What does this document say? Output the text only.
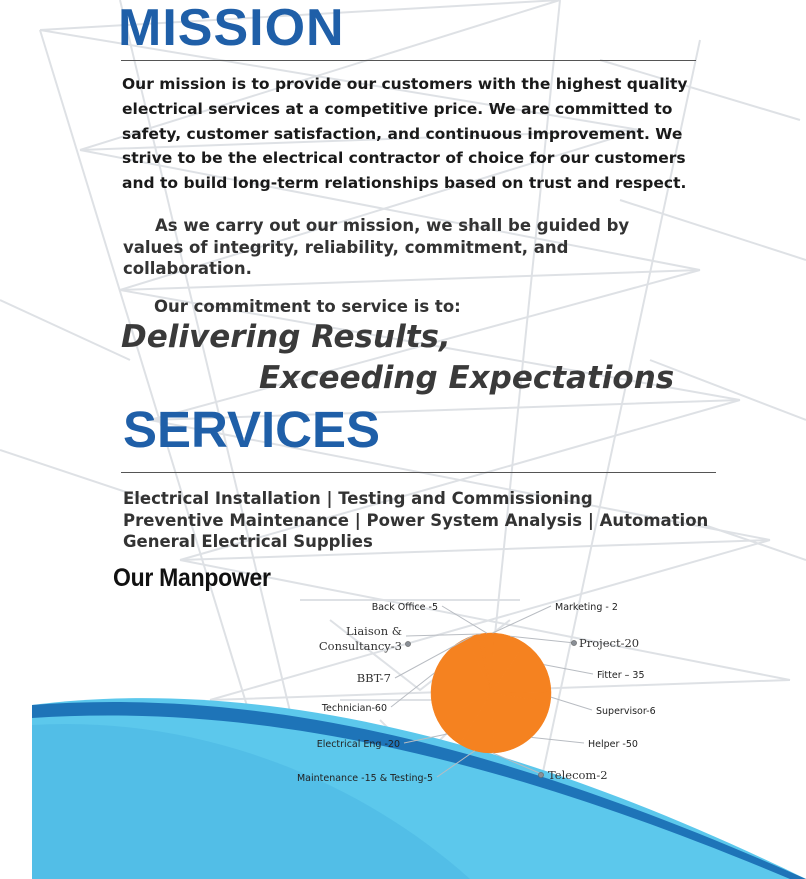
MISSION

Our mission is to provide our customers with the highest quality electrical services at a competitive price. We are committed to safety, customer satisfaction, and continuous improvement. We strive to be the electrical contractor of choice for our customers and to build long-term relationships based on trust and respect.

As we carry out our mission, we shall be guided by values of integrity, reliability, commitment, and collaboration.

Our commitment to service is to:

Delivering Results,

Exceeding Expectations

SERVICES
Electrical Installation | Testing and Commissioning
Preventive Maintenance | Power System Analysis | Automation
General Electrical Supplies
Our Manpower
Marketing - 2
Project-20
Fitter – 35
Supervisor-6
Helper -50
Telecom-2
Maintenance -15 & Testing-5
Electrical Eng -20
Technician-60
BBT-7
Liaison & Consultancy-3
Back Office -5
